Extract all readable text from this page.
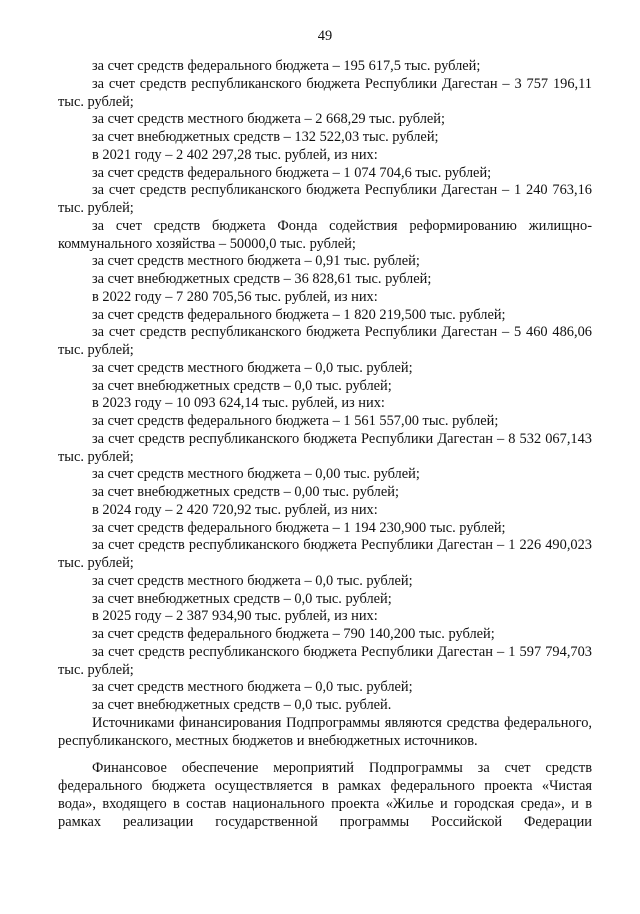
49

за счет средств федерального бюджета – 195 617,5 тыс. рублей;

за счет средств республиканского бюджета Республики Дагестан – 3 757 196,11 тыс. рублей;

за счет средств местного бюджета – 2 668,29 тыс. рублей;

за счет внебюджетных средств – 132 522,03 тыс. рублей;

в 2021 году – 2 402 297,28 тыс. рублей, из них:

за счет средств федерального бюджета – 1 074 704,6 тыс. рублей;

за счет средств республиканского бюджета Республики Дагестан – 1 240 763,16 тыс. рублей;

за счет средств бюджета Фонда содействия реформированию жилищно-коммунального хозяйства – 50000,0 тыс. рублей;

за счет средств местного бюджета – 0,91 тыс. рублей;

за счет внебюджетных средств – 36 828,61 тыс. рублей;

в 2022 году – 7 280 705,56 тыс. рублей, из них:

за счет средств федерального бюджета – 1 820 219,500 тыс. рублей;

за счет средств республиканского бюджета Республики Дагестан – 5 460 486,06 тыс. рублей;

за счет средств местного бюджета – 0,0 тыс. рублей;

за счет внебюджетных средств – 0,0 тыс. рублей;

в 2023 году – 10 093 624,14 тыс. рублей, из них:

за счет средств федерального бюджета – 1 561 557,00 тыс. рублей;

за счет средств республиканского бюджета Республики Дагестан – 8 532 067,143 тыс. рублей;

за счет средств местного бюджета – 0,00 тыс. рублей;

за счет внебюджетных средств – 0,00 тыс. рублей;

в 2024 году – 2 420 720,92 тыс. рублей, из них:

за счет средств федерального бюджета – 1 194 230,900 тыс. рублей;

за счет средств республиканского бюджета Республики Дагестан – 1 226 490,023 тыс. рублей;

за счет средств местного бюджета – 0,0 тыс. рублей;

за счет внебюджетных средств – 0,0 тыс. рублей;

в 2025 году – 2 387 934,90 тыс. рублей, из них:

за счет средств федерального бюджета – 790 140,200 тыс. рублей;

за счет средств республиканского бюджета Республики Дагестан – 1 597 794,703 тыс. рублей;

за счет средств местного бюджета – 0,0 тыс. рублей;

за счет внебюджетных средств – 0,0 тыс. рублей.

Источниками финансирования Подпрограммы являются средства федерального, республиканского, местных бюджетов и внебюджетных источников.

Финансовое обеспечение мероприятий Подпрограммы за счет средств федерального бюджета осуществляется в рамках федерального проекта «Чистая вода», входящего в состав национального проекта «Жилье и городская среда», и в рамках реализации государственной программы Российской Федерации
